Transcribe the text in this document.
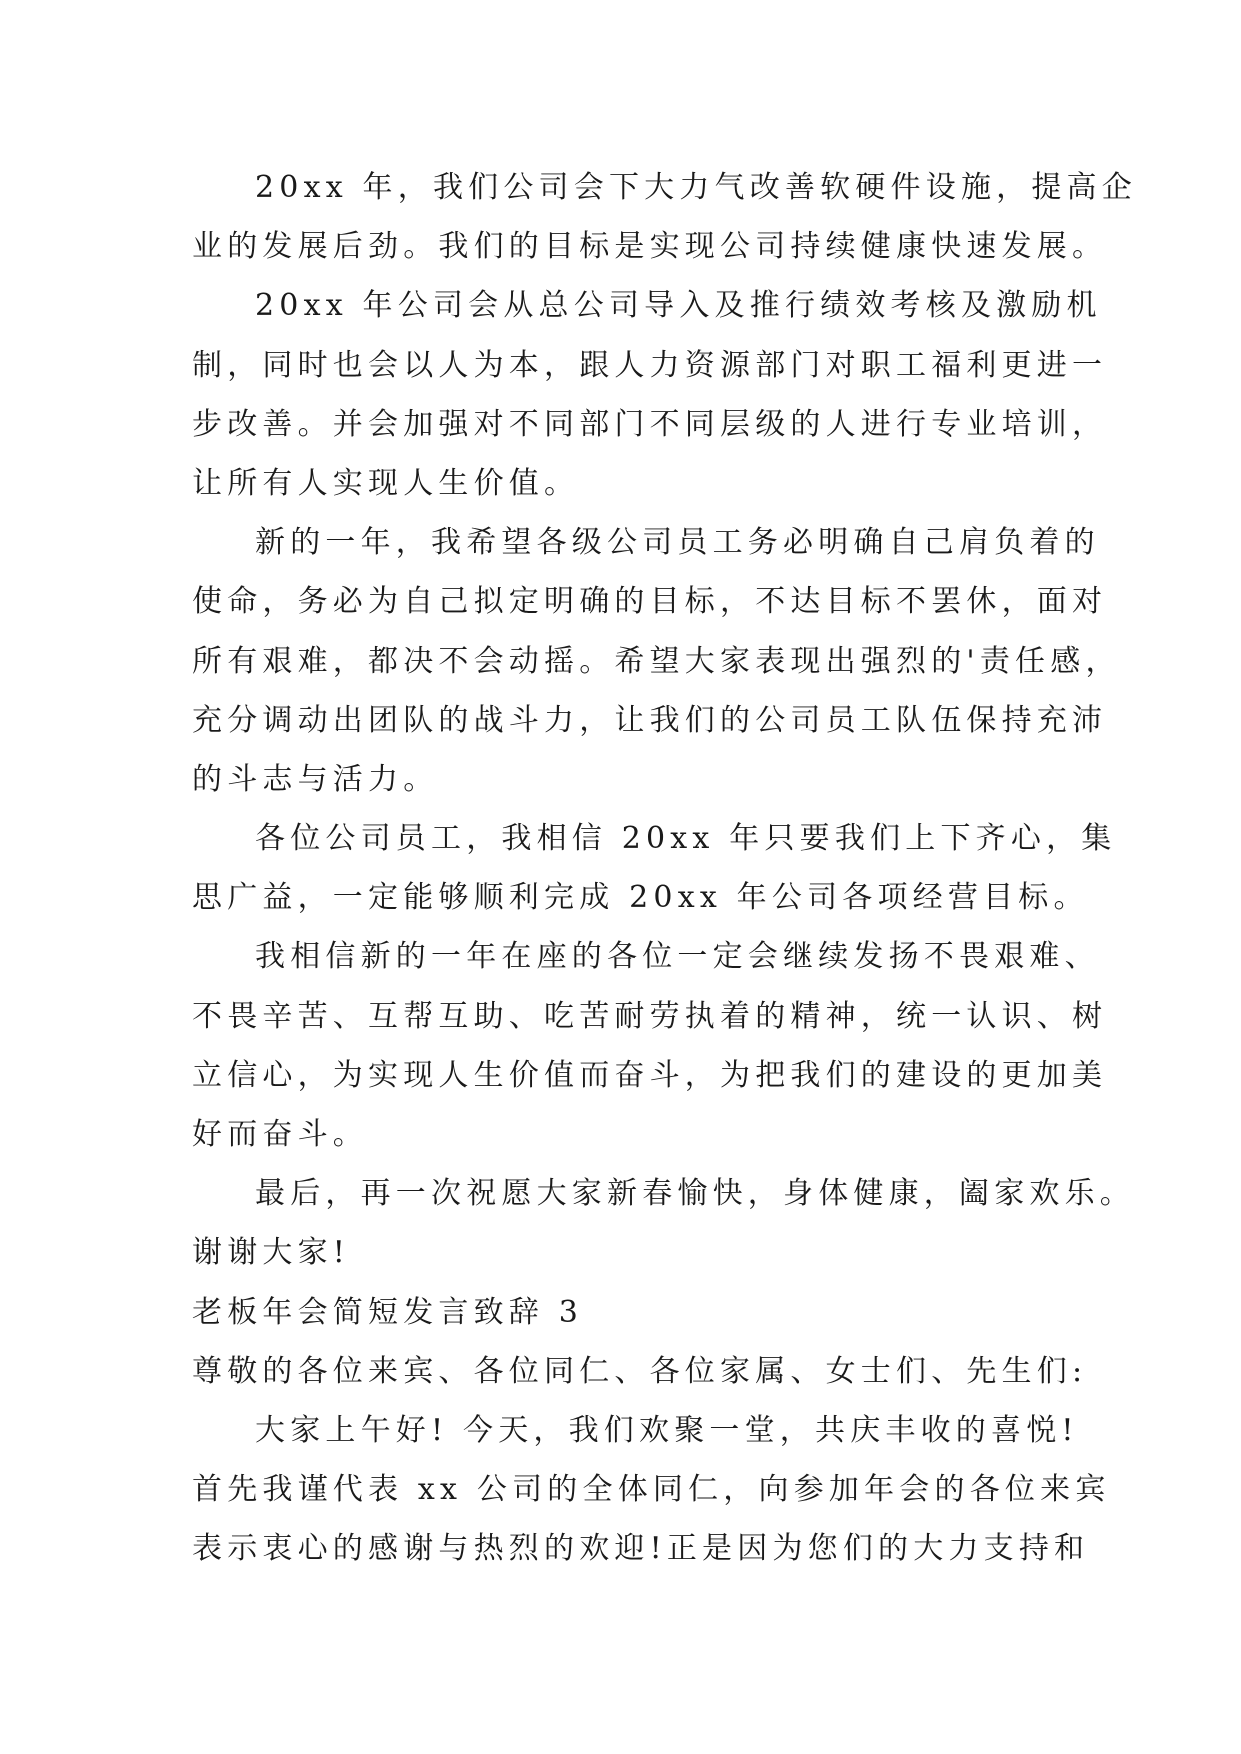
20xx 年，我们公司会下大力气改善软硬件设施，提高企
业的发展后劲。我们的目标是实现公司持续健康快速发展。
20xx 年公司会从总公司导入及推行绩效考核及激励机
制，同时也会以人为本，跟人力资源部门对职工福利更进一
步改善。并会加强对不同部门不同层级的人进行专业培训，
让所有人实现人生价值。
新的一年，我希望各级公司员工务必明确自己肩负着的
使命，务必为自己拟定明确的目标，不达目标不罢休，面对
所有艰难，都决不会动摇。希望大家表现出强烈的'责任感，
充分调动出团队的战斗力，让我们的公司员工队伍保持充沛
的斗志与活力。
各位公司员工，我相信 20xx 年只要我们上下齐心，集
思广益，一定能够顺利完成 20xx 年公司各项经营目标。
我相信新的一年在座的各位一定会继续发扬不畏艰难、
不畏辛苦、互帮互助、吃苦耐劳执着的精神，统一认识、树
立信心，为实现人生价值而奋斗，为把我们的建设的更加美
好而奋斗。
最后，再一次祝愿大家新春愉快，身体健康，阖家欢乐。
谢谢大家!
老板年会简短发言致辞 3
尊敬的各位来宾、各位同仁、各位家属、女士们、先生们:
大家上午好! 今天，我们欢聚一堂，共庆丰收的喜悦!
首先我谨代表 xx 公司的全体同仁，向参加年会的各位来宾
表示衷心的感谢与热烈的欢迎!正是因为您们的大力支持和
